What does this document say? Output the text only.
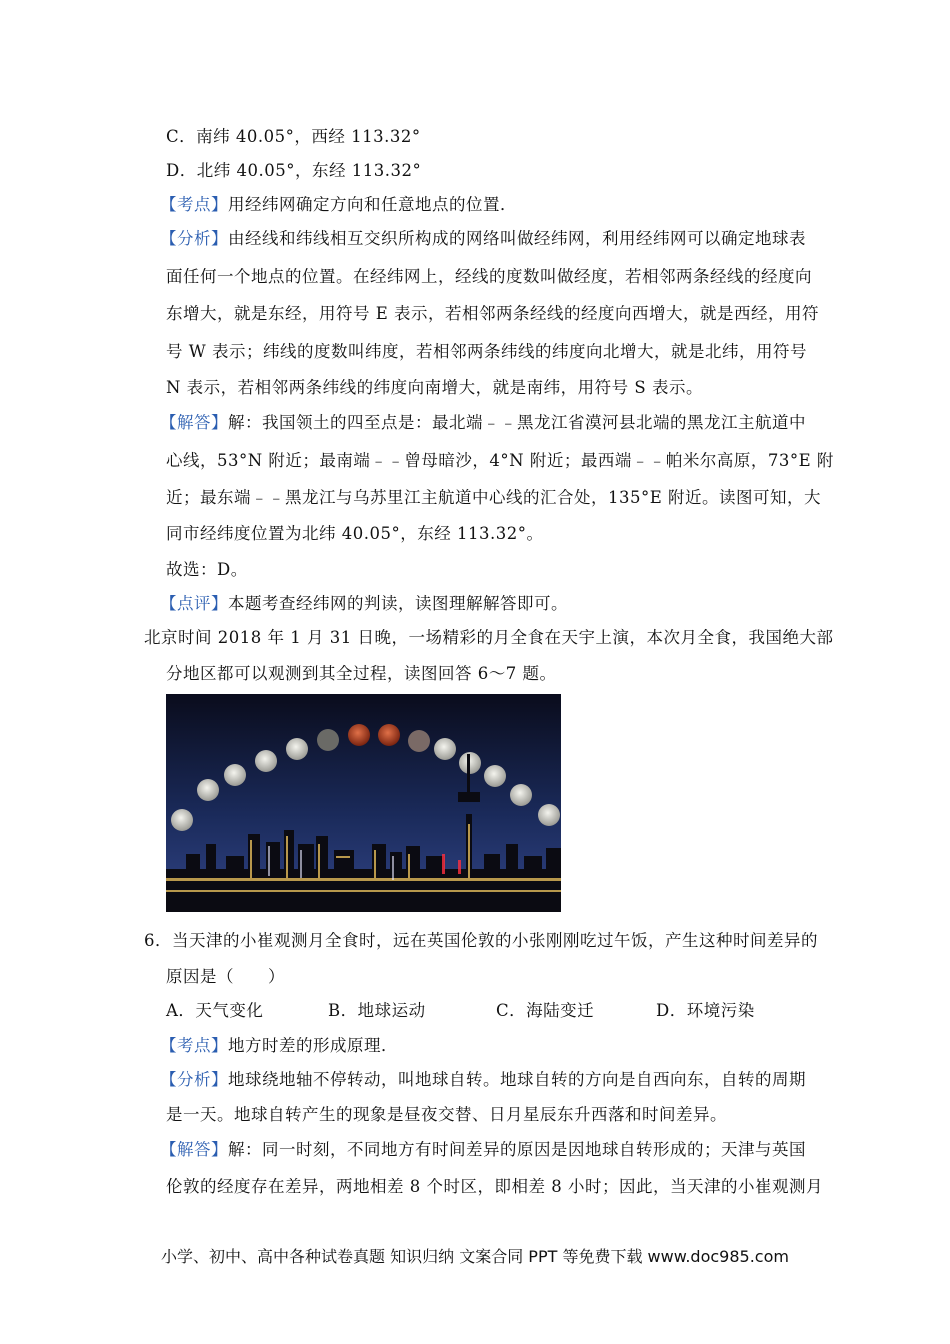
C．南纬 40.05°，西经 113.32°
D．北纬 40.05°，东经 113.32°
【考点】用经纬网确定方向和任意地点的位置．
【分析】由经线和纬线相互交织所构成的网络叫做经纬网，利用经纬网可以确定地球表
面任何一个地点的位置。在经纬网上，经线的度数叫做经度，若相邻两条经线的经度向
东增大，就是东经，用符号 E 表示，若相邻两条经线的经度向西增大，就是西经，用符
号 W 表示；纬线的度数叫纬度，若相邻两条纬线的纬度向北增大，就是北纬，用符号
N 表示，若相邻两条纬线的纬度向南增大，就是南纬，用符号 S 表示。
【解答】解：我国领土的四至点是：最北端﹣﹣黑龙江省漠河县北端的黑龙江主航道中
心线，53°N 附近；最南端﹣﹣曾母暗沙，4°N 附近；最西端﹣﹣帕米尔高原，73°E 附
近；最东端﹣﹣黑龙江与乌苏里江主航道中心线的汇合处，135°E 附近。读图可知，大
同市经纬度位置为北纬 40.05°，东经 113.32°。
故选：D。
【点评】本题考查经纬网的判读，读图理解解答即可。
北京时间 2018 年 1 月 31 日晚，一场精彩的月全食在天宇上演，本次月全食，我国绝大部
分地区都可以观测到其全过程，读图回答 6～7 题。
6．当天津的小崔观测月全食时，远在英国伦敦的小张刚刚吃过午饭，产生这种时间差异的
原因是（　　）
A．天气变化	B．地球运动	C．海陆变迁	D．环境污染
【考点】地方时差的形成原理．
【分析】地球绕地轴不停转动，叫地球自转。地球自转的方向是自西向东，自转的周期
是一天。地球自转产生的现象是昼夜交替、日月星辰东升西落和时间差异。
【解答】解：同一时刻，不同地方有时间差异的原因是因地球自转形成的；天津与英国
伦敦的经度存在差异，两地相差 8 个时区，即相差 8 小时；因此，当天津的小崔观测月
小学、初中、高中各种试卷真题 知识归纳 文案合同 PPT 等免费下载 www.doc985.com
